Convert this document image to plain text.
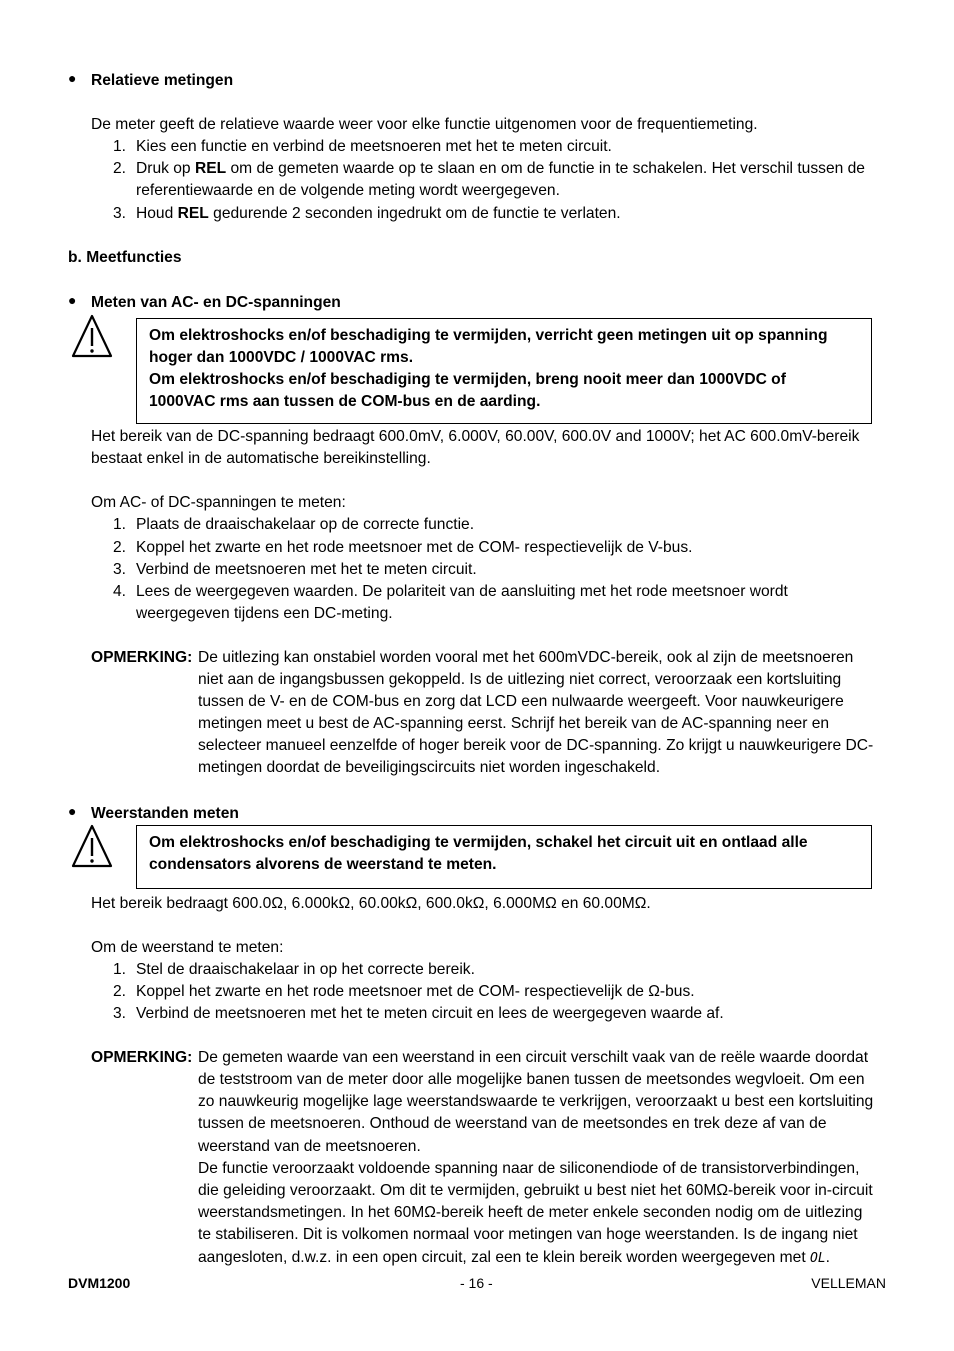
● Relatieve metingen
De meter geeft de relatieve waarde weer voor elke functie uitgenomen voor de frequentiemeting.
1. Kies een functie en verbind de meetsnoeren met het te meten circuit.
2. Druk op REL om de gemeten waarde op te slaan en om de functie in te schakelen. Het verschil tussen de
referentiewaarde en de volgende meting wordt weergegeven.
3. Houd REL gedurende 2 seconden ingedrukt om de functie te verlaten.
b. Meetfuncties
● Meten van AC- en DC-spanningen
Om elektroshocks en/of beschadiging te vermijden, verricht geen metingen uit op spanning
hoger dan 1000VDC / 1000VAC rms.
Om elektroshocks en/of beschadiging te vermijden, breng nooit meer dan 1000VDC of
1000VAC rms aan tussen de COM-bus en de aarding.
Het bereik van de DC-spanning bedraagt 600.0mV, 6.000V, 60.00V, 600.0V and 1000V; het AC 600.0mV-bereik
bestaat enkel in de automatische bereikinstelling.
Om AC- of DC-spanningen te meten:
1. Plaats de draaischakelaar op de correcte functie.
2. Koppel het zwarte en het rode meetsnoer met de COM- respectievelijk de V-bus.
3. Verbind de meetsnoeren met het te meten circuit.
4. Lees de weergegeven waarden. De polariteit van de aansluiting met het rode meetsnoer wordt
weergegeven tijdens een DC-meting.
OPMERKING: De uitlezing kan onstabiel worden vooral met het 600mVDC-bereik, ook al zijn de meetsnoeren
niet aan de ingangsbussen gekoppeld. Is de uitlezing niet correct, veroorzaak een kortsluiting
tussen de V- en de COM-bus en zorg dat LCD een nulwaarde weergeeft. Voor nauwkeurigere
metingen meet u best de AC-spanning eerst. Schrijf het bereik van de AC-spanning neer en
selecteer manueel eenzelfde of hoger bereik voor de DC-spanning. Zo krijgt u nauwkeurigere DC-
metingen doordat de beveiligingscircuits niet worden ingeschakeld.
● Weerstanden meten
Om elektroshocks en/of beschadiging te vermijden, schakel het circuit uit en ontlaad alle
condensators alvorens de weerstand te meten.
Het bereik bedraagt 600.0Ω, 6.000kΩ, 60.00kΩ, 600.0kΩ, 6.000MΩ en 60.00MΩ.
Om de weerstand te meten:
1. Stel de draaischakelaar in op het correcte bereik.
2. Koppel het zwarte en het rode meetsnoer met de COM- respectievelijk de Ω-bus.
3. Verbind de meetsnoeren met het te meten circuit en lees de weergegeven waarde af.
OPMERKING: De gemeten waarde van een weerstand in een circuit verschilt vaak van de reële waarde doordat
de teststroom van de meter door alle mogelijke banen tussen de meetsondes wegvloeit. Om een
zo nauwkeurig mogelijke lage weerstandswaarde te verkrijgen, veroorzaakt u best een kortsluiting
tussen de meetsnoeren. Onthoud de weerstand van de meetsondes en trek deze af van de
weerstand van de meetsnoeren.
De functie veroorzaakt voldoende spanning naar de siliconendiode of de transistorverbindingen,
die geleiding veroorzaakt. Om dit te vermijden, gebruikt u best niet het 60MΩ-bereik voor in-circuit
weerstandsmetingen. In het 60MΩ-bereik heeft de meter enkele seconden nodig om de uitlezing
te stabiliseren. Dit is volkomen normaal voor metingen van hoge weerstanden. Is de ingang niet
aangesloten, d.w.z. in een open circuit, zal een te klein bereik worden weergegeven met OL.
DVM1200	- 16 -	VELLEMAN
